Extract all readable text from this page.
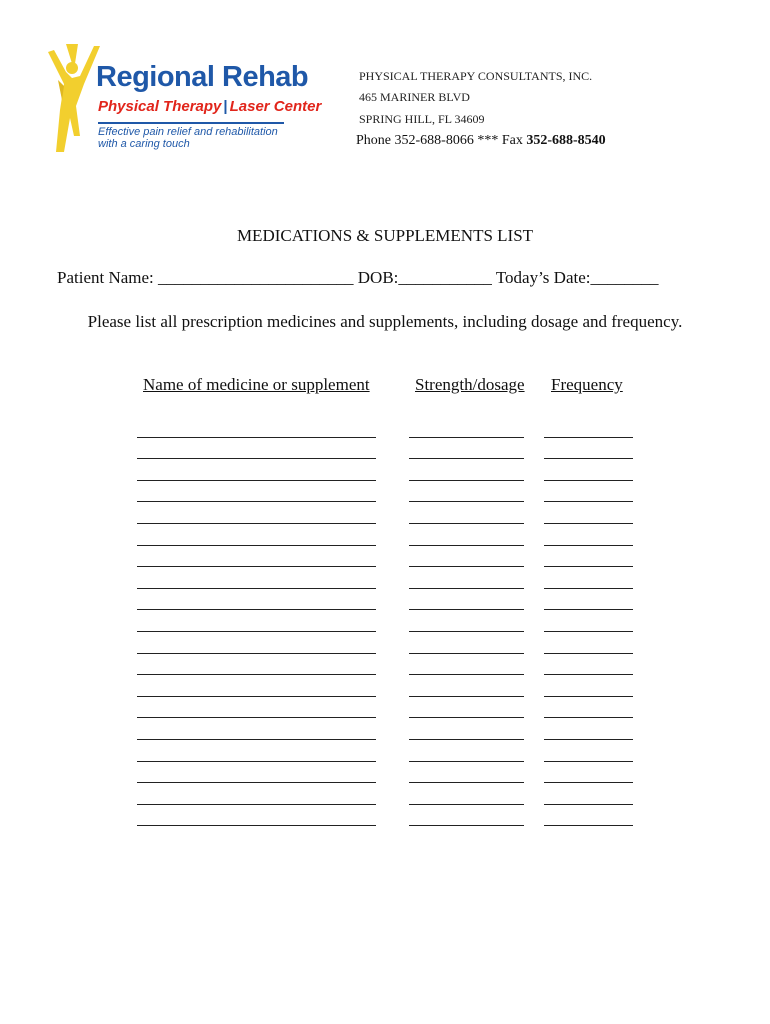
Regional Rehab
Physical Therapy | Laser Center
Effective pain relief and rehabilitation
with a caring touch
PHYSICAL THERAPY CONSULTANTS, INC.
465 MARINER BLVD
SPRING HILL, FL 34609
Phone 352-688-8066 *** Fax 352-688-8540
MEDICATIONS & SUPPLEMENTS LIST
Patient Name: _______________________ DOB:___________ Today’s Date:________
Please list all prescription medicines and supplements, including dosage and frequency.
Name of medicine or supplement	Strength/dosage Frequency
